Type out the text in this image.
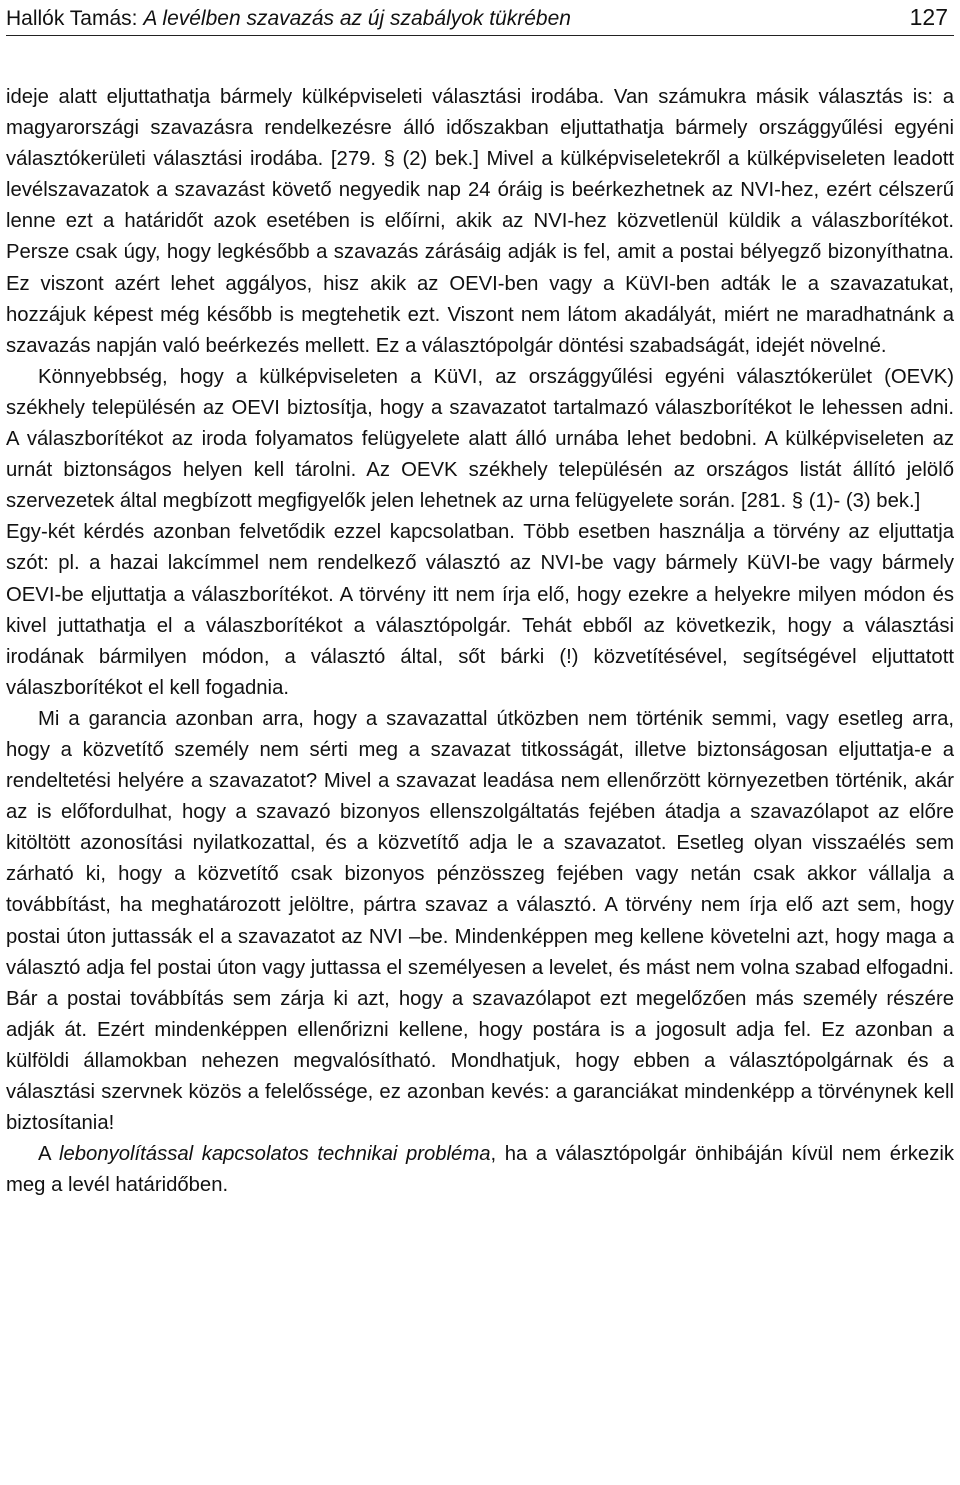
Hallók Tamás: A levélben szavazás az új szabályok tükrében	127

ideje alatt eljuttathatja bármely külképviseleti választási irodába. Van számukra másik választás is: a magyarországi szavazásra rendelkezésre álló időszakban eljuttathatja bármely országgyűlési egyéni választókerületi választási irodába. [279. § (2) bek.] Mivel a külképviseletekről a külképviseleten leadott levélszavazatok a szavazást követő negyedik nap 24 óráig is beérkezhetnek az NVI-hez, ezért célszerű lenne ezt a határidőt azok esetében is előírni, akik az NVI-hez közvetlenül küldik a válaszborítékot. Persze csak úgy, hogy legkésőbb a szavazás zárásáig adják is fel, amit a postai bélyegző bizonyíthatna. Ez viszont azért lehet aggályos, hisz akik az OEVI-ben vagy a KüVI-ben adták le a szavazatukat, hozzájuk képest még később is megtehetik ezt. Viszont nem látom akadályát, miért ne maradhatnánk a szavazás napján való beérkezés mellett. Ez a választópolgár döntési szabadságát, idejét növelné.

Könnyebbség, hogy a külképviseleten a KüVI, az országgyűlési egyéni választókerület (OEVK) székhely településén az OEVI biztosítja, hogy a szavazatot tartalmazó válaszborítékot le lehessen adni. A válaszborítékot az iroda folyamatos felügyelete alatt álló urnába lehet bedobni. A külképviseleten az urnát biztonságos helyen kell tárolni. Az OEVK székhely településén az országos listát állító jelölő szervezetek által megbízott megfigyelők jelen lehetnek az urna felügyelete során. [281. § (1)- (3) bek.]

Egy-két kérdés azonban felvetődik ezzel kapcsolatban. Több esetben használja a törvény az eljuttatja szót: pl. a hazai lakcímmel nem rendelkező választó az NVI-be vagy bármely KüVI-be vagy bármely OEVI-be eljuttatja a válaszborítékot. A törvény itt nem írja elő, hogy ezekre a helyekre milyen módon és kivel juttathatja el a válaszborítékot a választópolgár. Tehát ebből az következik, hogy a választási irodának bármilyen módon, a választó által, sőt bárki (!) közvetítésével, segítségével eljuttatott válaszborítékot el kell fogadnia.

Mi a garancia azonban arra, hogy a szavazattal útközben nem történik semmi, vagy esetleg arra, hogy a közvetítő személy nem sérti meg a szavazat titkosságát, illetve biztonságosan eljuttatja-e a rendeltetési helyére a szavazatot? Mivel a szavazat leadása nem ellenőrzött környezetben történik, akár az is előfordulhat, hogy a szavazó bizonyos ellenszolgáltatás fejében átadja a szavazólapot az előre kitöltött azonosítási nyilatkozattal, és a közvetítő adja le a szavazatot. Esetleg olyan visszaélés sem zárható ki, hogy a közvetítő csak bizonyos pénzösszeg fejében vagy netán csak akkor vállalja a továbbítást, ha meghatározott jelöltre, pártra szavaz a választó. A törvény nem írja elő azt sem, hogy postai úton juttassák el a szavazatot az NVI –be. Mindenképpen meg kellene követelni azt, hogy maga a választó adja fel postai úton vagy juttassa el személyesen a levelet, és mást nem volna szabad elfogadni. Bár a postai továbbítás sem zárja ki azt, hogy a szavazólapot ezt megelőzően más személy részére adják át. Ezért mindenképpen ellenőrizni kellene, hogy postára is a jogosult adja fel. Ez azonban a külföldi államokban nehezen megvalósítható. Mondhatjuk, hogy ebben a választópolgárnak és a választási szervnek közös a felelőssége, ez azonban kevés: a garanciákat mindenképp a törvénynek kell biztosítania!

A lebonyolítással kapcsolatos technikai probléma, ha a választópolgár önhibáján kívül nem érkezik meg a levél határidőben.
